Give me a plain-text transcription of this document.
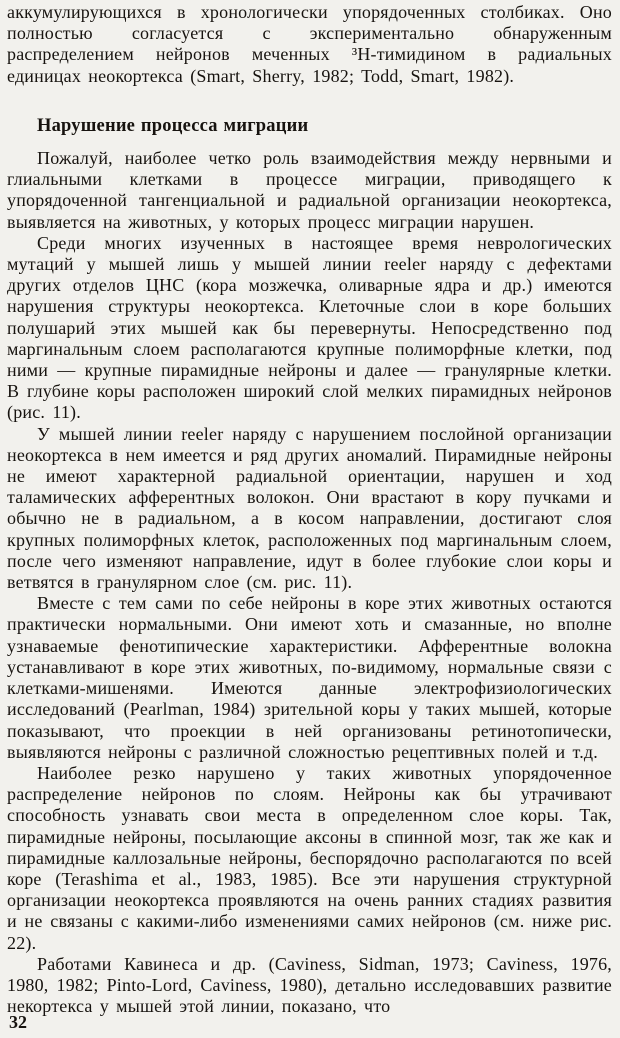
аккумулирующихся в хронологически упорядоченных столбиках. Оно полностью согласуется с экспериментально обнаруженным распределением нейронов меченных ³Н-тимидином в радиальных единицах неокортекса (Smart, Sherry, 1982; Todd, Smart, 1982).

Нарушение процесса миграции

Пожалуй, наиболее четко роль взаимодействия между нервными и глиальными клетками в процессе миграции, приводящего к упорядоченной тангенциальной и радиальной организации неокортекса, выявляется на животных, у которых процесс миграции нарушен.

Среди многих изученных в настоящее время неврологических мутаций у мышей лишь у мышей линии reeler наряду с дефектами других отделов ЦНС (кора мозжечка, оливарные ядра и др.) имеются нарушения структуры неокортекса. Клеточные слои в коре больших полушарий этих мышей как бы перевернуты. Непосредственно под маргинальным слоем располагаются крупные полиморфные клетки, под ними — крупные пирамидные нейроны и далее — гранулярные клетки. В глубине коры расположен широкий слой мелких пирамидных нейронов (рис. 11).

У мышей линии reeler наряду с нарушением послойной организации неокортекса в нем имеется и ряд других аномалий. Пирамидные нейроны не имеют характерной радиальной ориентации, нарушен и ход таламических афферентных волокон. Они врастают в кору пучками и обычно не в радиальном, а в косом направлении, достигают слоя крупных полиморфных клеток, расположенных под маргинальным слоем, после чего изменяют направление, идут в более глубокие слои коры и ветвятся в гранулярном слое (см. рис. 11).

Вместе с тем сами по себе нейроны в коре этих животных остаются практически нормальными. Они имеют хоть и смазанные, но вполне узнаваемые фенотипические характеристики. Афферентные волокна устанавливают в коре этих животных, по-видимому, нормальные связи с клетками-мишенями. Имеются данные электрофизиологических исследований (Pearlman, 1984) зрительной коры у таких мышей, которые показывают, что проекции в ней организованы ретинотопически, выявляются нейроны с различной сложностью рецептивных полей и т.д.

Наиболее резко нарушено у таких животных упорядоченное распределение нейронов по слоям. Нейроны как бы утрачивают способность узнавать свои места в определенном слое коры. Так, пирамидные нейроны, посылающие аксоны в спинной мозг, так же как и пирамидные каллозальные нейроны, беспорядочно располагаются по всей коре (Terashima et al., 1983, 1985). Все эти нарушения структурной организации неокортекса проявляются на очень ранних стадиях развития и не связаны с какими-либо изменениями самих нейронов (см. ниже рис. 22).

Работами Кавинеса и др. (Caviness, Sidman, 1973; Caviness, 1976, 1980, 1982; Pinto-Lord, Caviness, 1980), детально исследовавших развитие некортекса у мышей этой линии, показано, что

32
